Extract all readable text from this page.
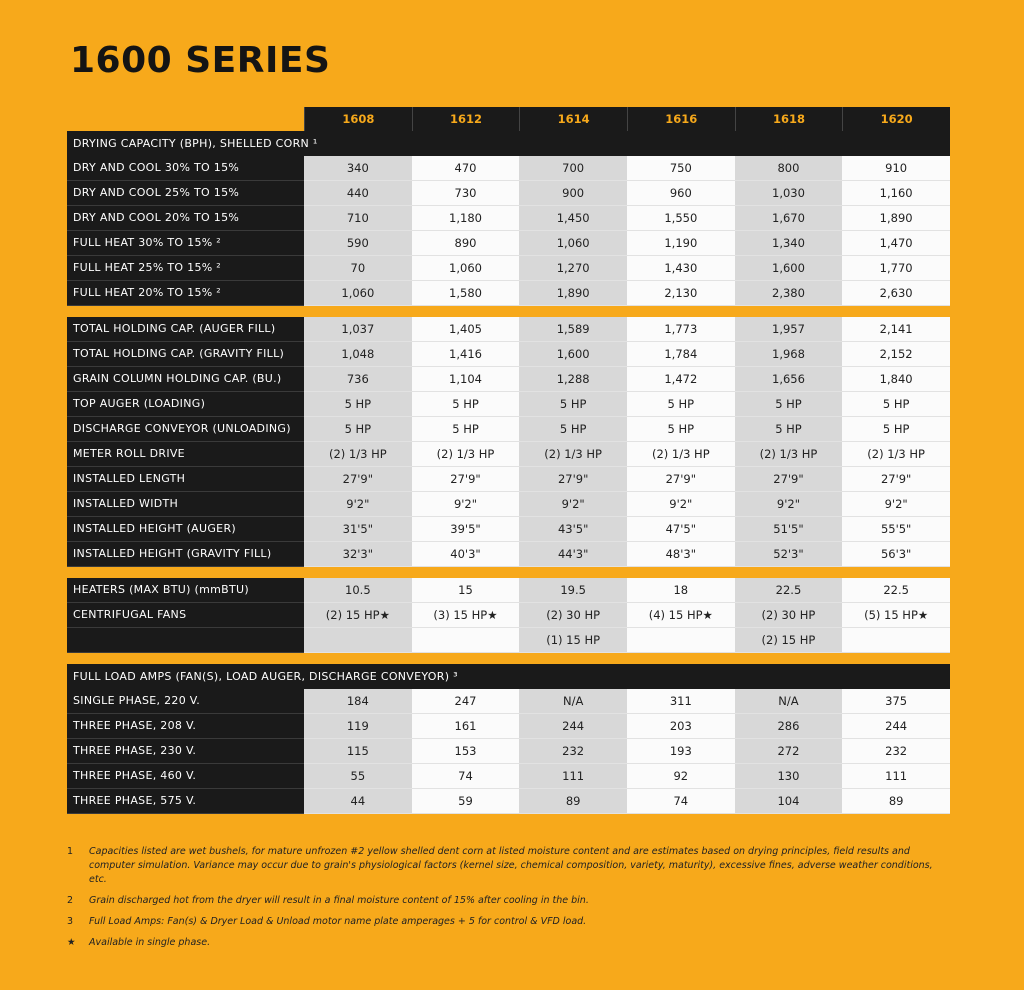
1600 SERIES
	1608	1612	1614	1616	1618	1620
DRYING CAPACITY (BPH), SHELLED CORN ¹						
DRY AND COOL 30% TO 15%	340	470	700	750	800	910
DRY AND COOL 25% TO 15%	440	730	900	960	1,030	1,160
DRY AND COOL 20% TO 15%	710	1,180	1,450	1,550	1,670	1,890
FULL HEAT 30% TO 15% ²	590	890	1,060	1,190	1,340	1,470
FULL HEAT 25% TO 15% ²	70	1,060	1,270	1,430	1,600	1,770
FULL HEAT 20% TO 15% ²	1,060	1,580	1,890	2,130	2,380	2,630

TOTAL HOLDING CAP. (AUGER FILL)	1,037	1,405	1,589	1,773	1,957	2,141
TOTAL HOLDING CAP. (GRAVITY FILL)	1,048	1,416	1,600	1,784	1,968	2,152
GRAIN COLUMN HOLDING CAP. (BU.)	736	1,104	1,288	1,472	1,656	1,840
TOP AUGER (LOADING)	5 HP	5 HP	5 HP	5 HP	5 HP	5 HP
DISCHARGE CONVEYOR (UNLOADING)	5 HP	5 HP	5 HP	5 HP	5 HP	5 HP
METER ROLL DRIVE	(2) 1/3 HP	(2) 1/3 HP	(2) 1/3 HP	(2) 1/3 HP	(2) 1/3 HP	(2) 1/3 HP
INSTALLED LENGTH	27'9"	27'9"	27'9"	27'9"	27'9"	27'9"
INSTALLED WIDTH	9'2"	9'2"	9'2"	9'2"	9'2"	9'2"
INSTALLED HEIGHT (AUGER)	31'5"	39'5"	43'5"	47'5"	51'5"	55'5"
INSTALLED HEIGHT (GRAVITY FILL)	32'3"	40'3"	44'3"	48'3"	52'3"	56'3"

HEATERS (MAX BTU) (mmBTU)	10.5	15	19.5	18	22.5	22.5
CENTRIFUGAL FANS	(2) 15 HP★	(3) 15 HP★	(2) 30 HP	(4) 15 HP★	(2) 30 HP	(5) 15 HP★
			(1) 15 HP		(2) 15 HP	

FULL LOAD AMPS (FAN(S), LOAD AUGER, DISCHARGE CONVEYOR) ³						
SINGLE PHASE, 220 V.	184	247	N/A	311	N/A	375
THREE PHASE, 208 V.	119	161	244	203	286	244
THREE PHASE, 230 V.	115	153	232	193	272	232
THREE PHASE, 460 V.	55	74	111	92	130	111
THREE PHASE, 575 V.	44	59	89	74	104	89
1	Capacities listed are wet bushels, for mature unfrozen #2 yellow shelled dent corn at listed moisture content and are estimates based on drying principles, field results and computer simulation. Variance may occur due to grain's physiological factors (kernel size, chemical composition, variety, maturity), excessive fines, adverse weather conditions, etc.
2	Grain discharged hot from the dryer will result in a final moisture content of 15% after cooling in the bin.
3	Full Load Amps: Fan(s) & Dryer Load & Unload motor name plate amperages + 5 for control & VFD load.
★	Available in single phase.
